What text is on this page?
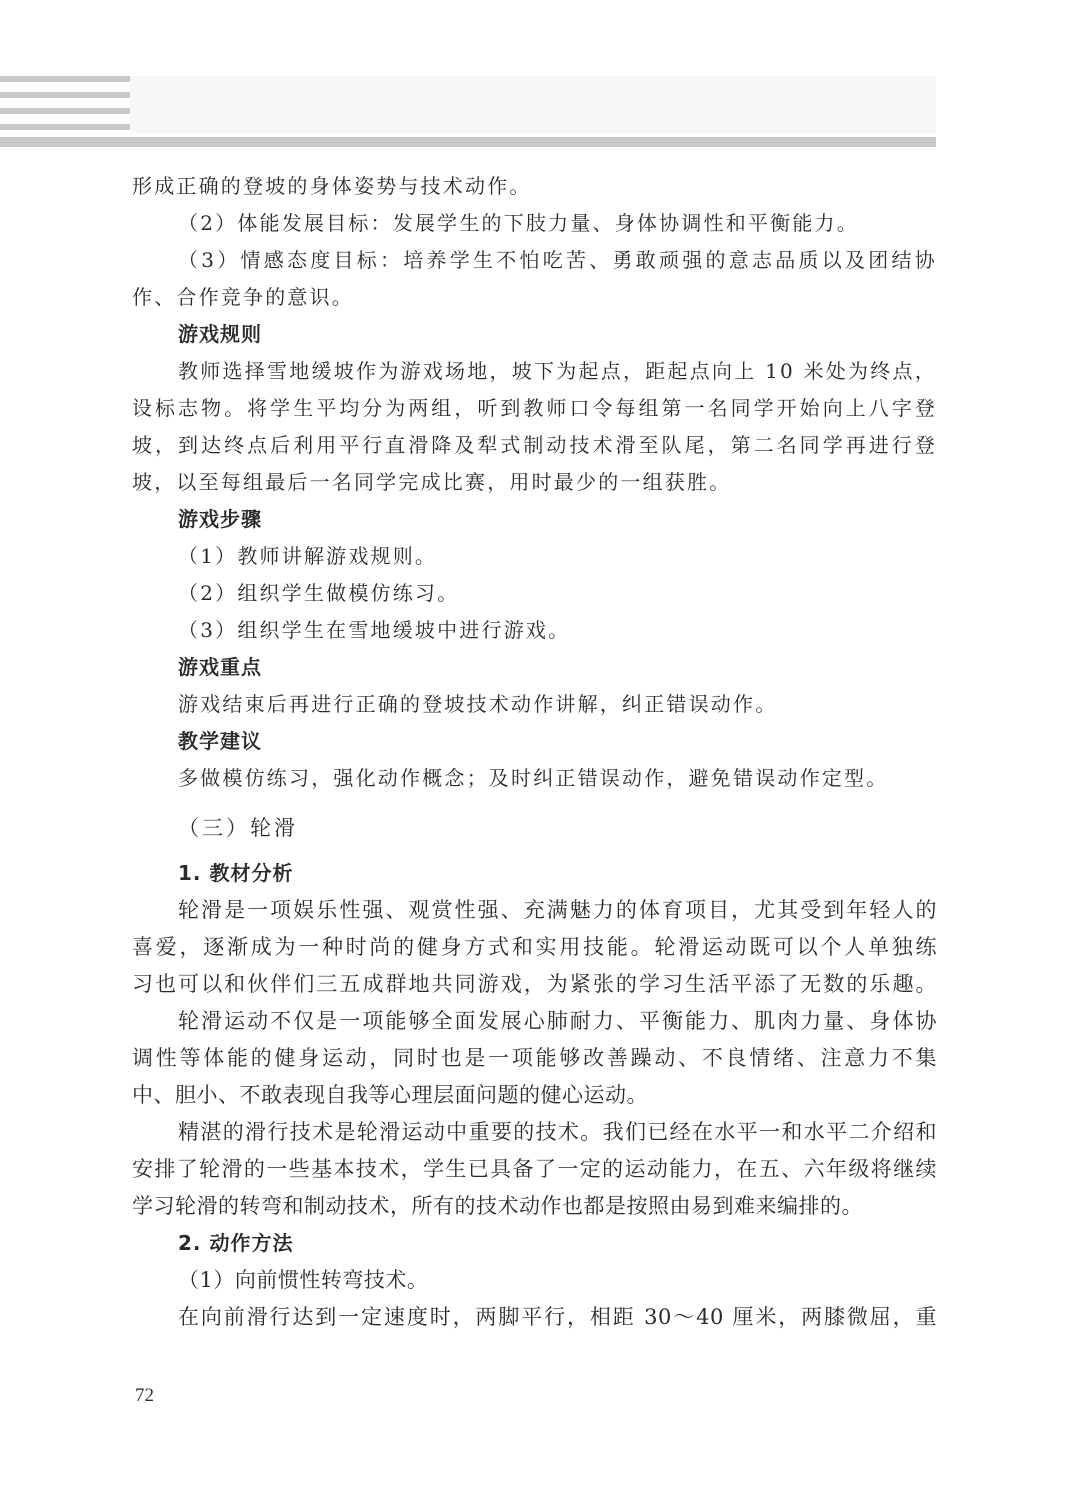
形成正确的登坡的身体姿势与技术动作。
（2）体能发展目标：发展学生的下肢力量、身体协调性和平衡能力。
（3）情感态度目标：培养学生不怕吃苦、勇敢顽强的意志品质以及团结协
作、合作竞争的意识。
游戏规则
教师选择雪地缓坡作为游戏场地，坡下为起点，距起点向上 10 米处为终点，
设标志物。将学生平均分为两组，听到教师口令每组第一名同学开始向上八字登
坡，到达终点后利用平行直滑降及犁式制动技术滑至队尾，第二名同学再进行登
坡，以至每组最后一名同学完成比赛，用时最少的一组获胜。
游戏步骤
（1）教师讲解游戏规则。
（2）组织学生做模仿练习。
（3）组织学生在雪地缓坡中进行游戏。
游戏重点
游戏结束后再进行正确的登坡技术动作讲解，纠正错误动作。
教学建议
多做模仿练习，强化动作概念；及时纠正错误动作，避免错误动作定型。
（三）轮滑
1. 教材分析
轮滑是一项娱乐性强、观赏性强、充满魅力的体育项目，尤其受到年轻人的
喜爱，逐渐成为一种时尚的健身方式和实用技能。轮滑运动既可以个人单独练
习也可以和伙伴们三五成群地共同游戏，为紧张的学习生活平添了无数的乐趣。
轮滑运动不仅是一项能够全面发展心肺耐力、平衡能力、肌肉力量、身体协
调性等体能的健身运动，同时也是一项能够改善躁动、不良情绪、注意力不集
中、胆小、不敢表现自我等心理层面问题的健心运动。
精湛的滑行技术是轮滑运动中重要的技术。我们已经在水平一和水平二介绍和
安排了轮滑的一些基本技术，学生已具备了一定的运动能力，在五、六年级将继续
学习轮滑的转弯和制动技术，所有的技术动作也都是按照由易到难来编排的。
2. 动作方法
（1）向前惯性转弯技术。
在向前滑行达到一定速度时，两脚平行，相距 30～40 厘米，两膝微屈，重
72
